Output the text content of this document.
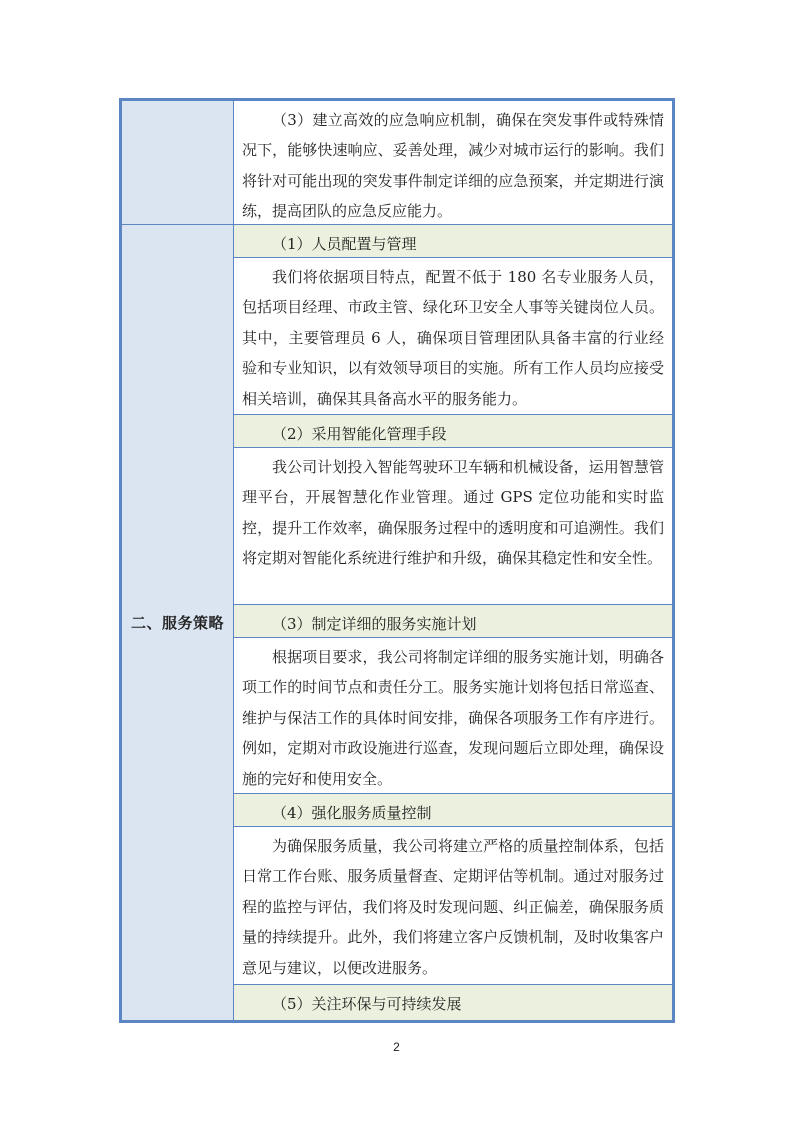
二、服务策略
（3）建立高效的应急响应机制，确保在突发事件或特殊情况下，能够快速响应、妥善处理，减少对城市运行的影响。我们将针对可能出现的突发事件制定详细的应急预案，并定期进行演练，提高团队的应急反应能力。
（1）人员配置与管理
我们将依据项目特点，配置不低于 180 名专业服务人员，包括项目经理、市政主管、绿化环卫安全人事等关键岗位人员。其中，主要管理员 6 人，确保项目管理团队具备丰富的行业经验和专业知识，以有效领导项目的实施。所有工作人员均应接受相关培训，确保其具备高水平的服务能力。
（2）采用智能化管理手段
我公司计划投入智能驾驶环卫车辆和机械设备，运用智慧管理平台，开展智慧化作业管理。通过 GPS 定位功能和实时监控，提升工作效率，确保服务过程中的透明度和可追溯性。我们将定期对智能化系统进行维护和升级，确保其稳定性和安全性。
（3）制定详细的服务实施计划
根据项目要求，我公司将制定详细的服务实施计划，明确各项工作的时间节点和责任分工。服务实施计划将包括日常巡查、维护与保洁工作的具体时间安排，确保各项服务工作有序进行。例如，定期对市政设施进行巡查，发现问题后立即处理，确保设施的完好和使用安全。
（4）强化服务质量控制
为确保服务质量，我公司将建立严格的质量控制体系，包括日常工作台账、服务质量督查、定期评估等机制。通过对服务过程的监控与评估，我们将及时发现问题、纠正偏差，确保服务质量的持续提升。此外，我们将建立客户反馈机制，及时收集客户意见与建议，以便改进服务。
（5）关注环保与可持续发展
2
